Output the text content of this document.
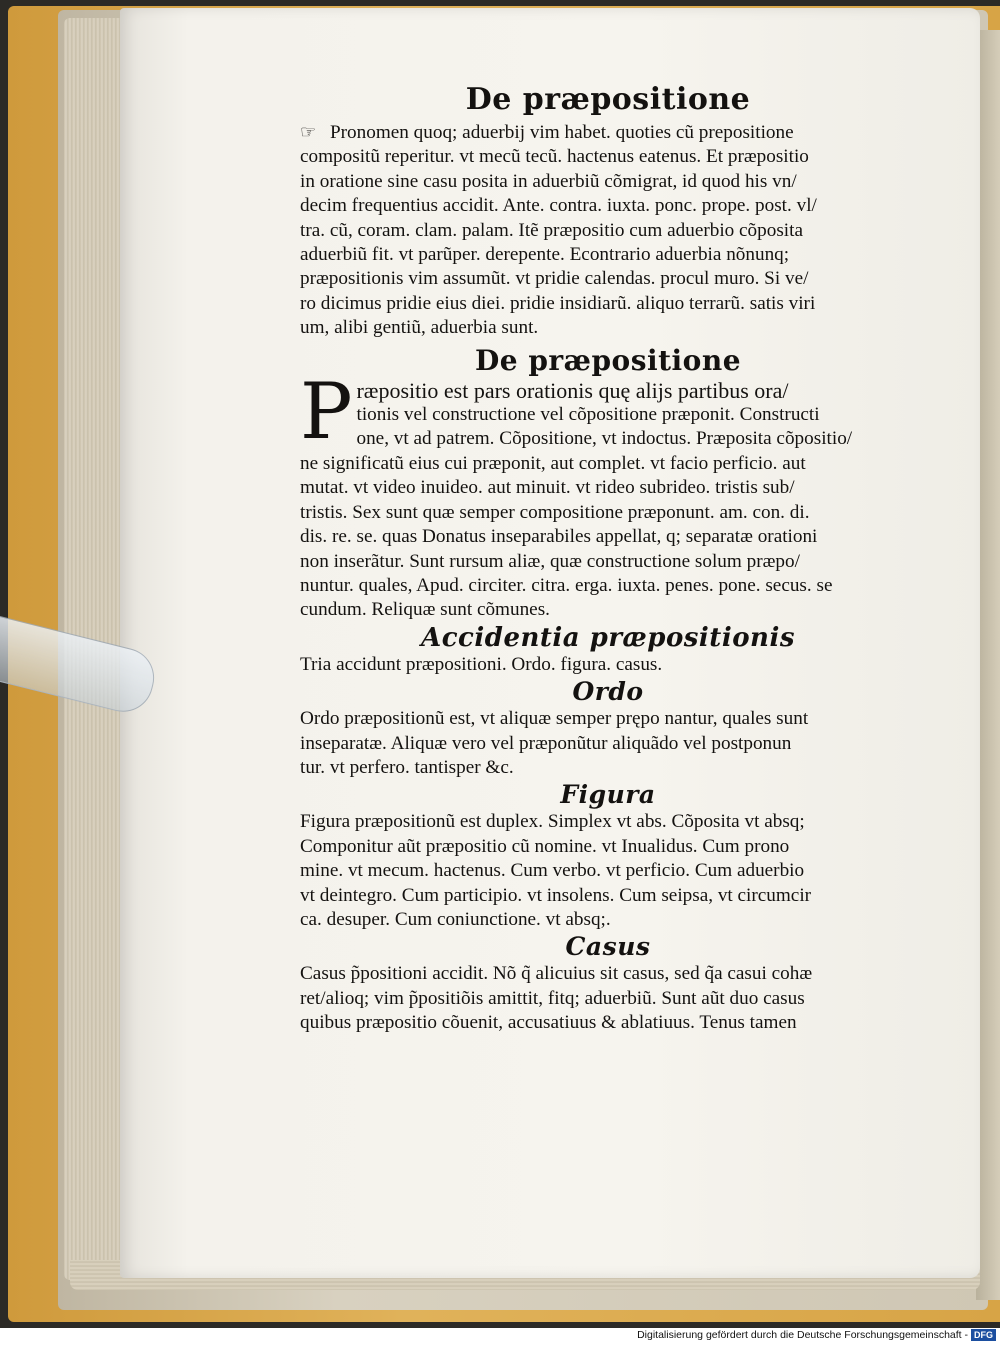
De præpositione
☞ Pronomen quoq; aduerbij vim habet. quoties cũ prepositione
compositũ reperitur. vt mecũ tecũ. hactenus eatenus. Et præpositio
in oratione sine casu posita in aduerbiũ cõmigrat, id quod his vn/
decim frequentius accidit. Ante. contra. iuxta. ponc. prope. post. vl/
tra. cũ, coram. clam. palam. Itẽ præpositio cum aduerbio cõposita
aduerbiũ fit. vt parũper. derepente. Econtrario aduerbia nõnunq;
præpositionis vim assumũt. vt pridie calendas. procul muro. Si ve/
ro dicimus pridie eius diei. pridie insidiarũ. aliquo terrarũ. satis viri
um, alibi gentiũ, aduerbia sunt.
De præpositione
P ræpositio est pars orationis quę alijs partibus ora/
tionis vel constructione vel cõpositione præponit. Constructi
one, vt ad patrem. Cõpositione, vt indoctus. Præposita cõpositio/
ne significatũ eius cui præponit, aut complet. vt facio perficio. aut
mutat. vt video inuideo. aut minuit. vt rideo subrideo. tristis sub/
tristis. Sex sunt quæ semper compositione præponunt. am. con. di.
dis. re. se. quas Donatus inseparabiles appellat, q; separatæ orationi
non inserãtur. Sunt rursum aliæ, quæ constructione solum præpo/
nuntur. quales, Apud. circiter. citra. erga. iuxta. penes. pone. secus. se
cundum. Reliquæ sunt cõmunes.
Accidentia præpositionis
Tria accidunt præpositioni. Ordo. figura. casus.
Ordo
Ordo præpositionũ est, vt aliquæ semper prępo nantur, quales sunt
inseparatæ. Aliquæ vero vel præponũtur aliquãdo vel postponun
tur. vt perfero. tantisper &c.
Figura
Figura præpositionũ est duplex. Simplex vt abs. Cõposita vt absq;
Componitur aũt præpositio cũ nomine. vt Inualidus. Cum prono
mine. vt mecum. hactenus. Cum verbo. vt perficio. Cum aduerbio
vt deintegro. Cum participio. vt insolens. Cum seipsa, vt circumcir
ca. desuper. Cum coniunctione. vt absq;.
Casus
Casus p̃positioni accidit. Nõ q̃ alicuius sit casus, sed q̃a casui cohæ
ret/alioq; vim p̃positiõis amittit, fitq; aduerbiũ. Sunt aũt duo casus
quibus præpositio cõuenit, accusatiuus & ablatiuus. Tenus tamen
Digitalisierung gefördert durch die Deutsche Forschungsgemeinschaft - DFG
